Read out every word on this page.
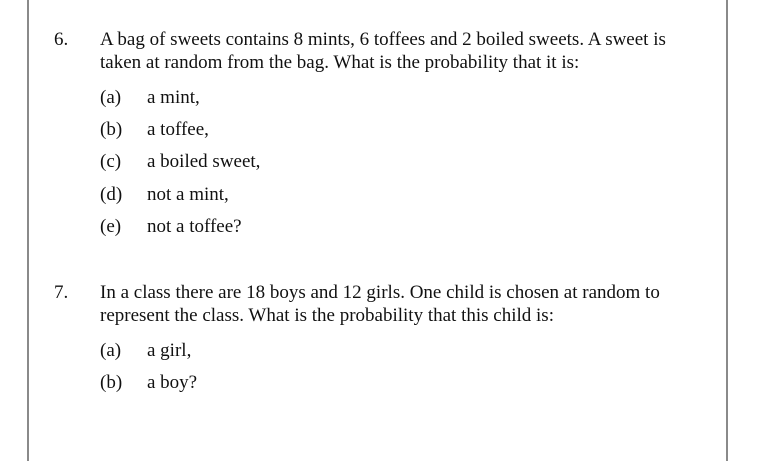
6. A bag of sweets contains 8 mints, 6 toffees and 2 boiled sweets. A sweet is taken at random from the bag. What is the probability that it is:
(a) a mint,
(b) a toffee,
(c) a boiled sweet,
(d) not a mint,
(e) not a toffee?
7. In a class there are 18 boys and 12 girls. One child is chosen at random to represent the class. What is the probability that this child is:
(a) a girl,
(b) a boy?
